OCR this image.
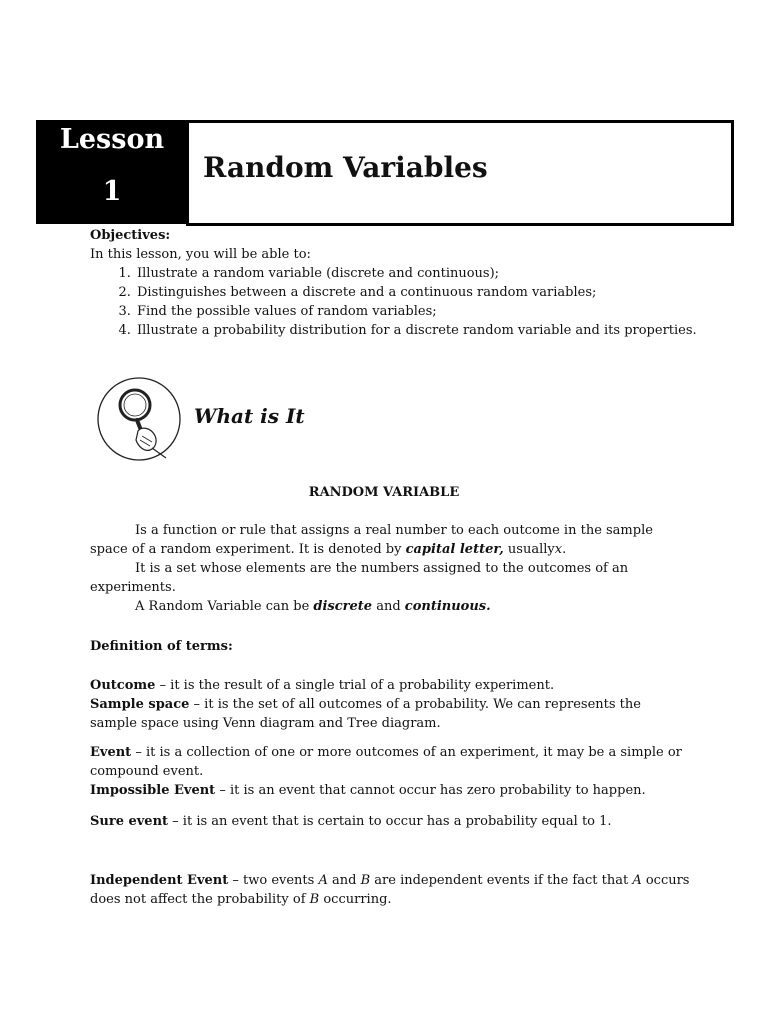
Lesson
1
Random Variables
Objectives:
In this lesson, you will be able to:
1. Illustrate a random variable (discrete and continuous);
2. Distinguishes between a discrete and a continuous random variables;
3. Find the possible values of random variables;
4. Illustrate a probability distribution for a discrete random variable and its properties.
What is It
RANDOM VARIABLE

Is a function or rule that assigns a real number to each outcome in the sample space of a random experiment. It is denoted by capital letter, usuallyx.

It is a set whose elements are the numbers assigned to the outcomes of an experiments.

A Random Variable can be discrete and continuous.

Definition of terms:

Outcome – it is the result of a single trial of a probability experiment.

Sample space – it is the set of all outcomes of a probability. We can represents the sample space using Venn diagram and Tree diagram.

Event – it is a collection of one or more outcomes of an experiment, it may be a simple or compound event.

Impossible Event – it is an event that cannot occur has zero probability to happen.

Sure event – it is an event that is certain to occur has a probability equal to 1.

Independent Event – two events A and B are independent events if the fact that A occurs does not affect the probability of B occurring.
